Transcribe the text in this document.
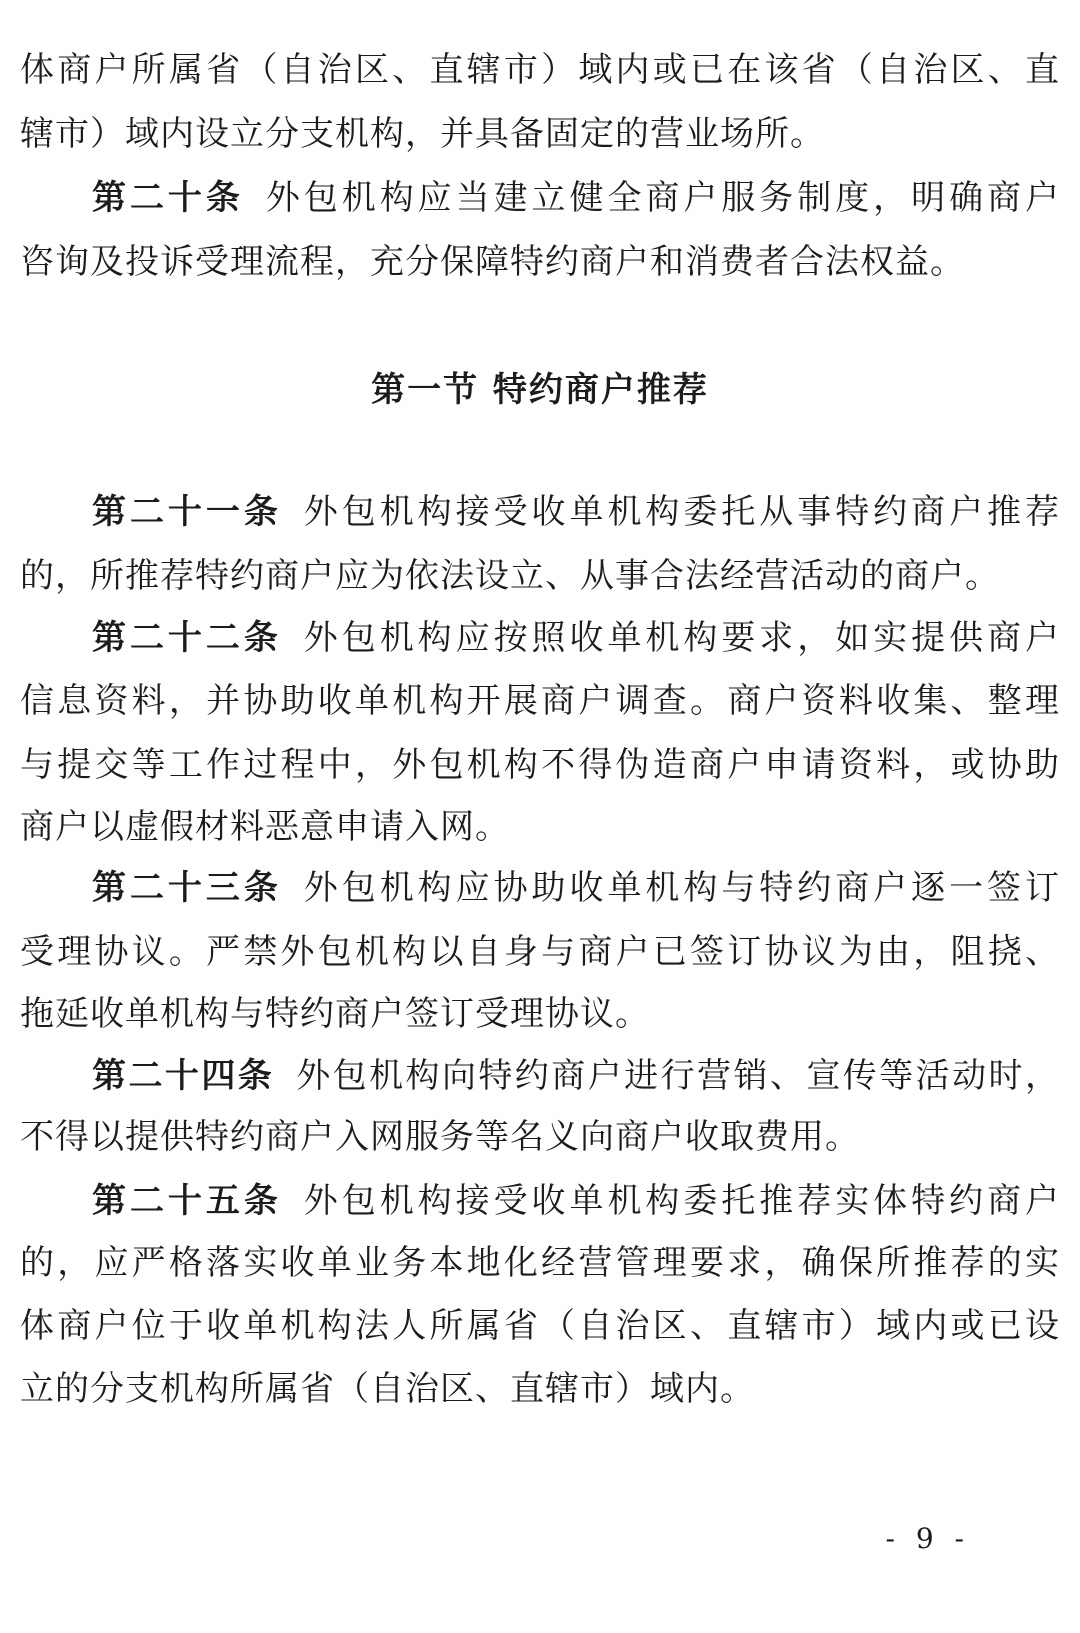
体商户所属省（自治区、直辖市）域内或已在该省（自治区、直
辖市）域内设立分支机构，并具备固定的营业场所。
第二十条 外包机构应当建立健全商户服务制度，明确商户
咨询及投诉受理流程，充分保障特约商户和消费者合法权益。
第一节 特约商户推荐
第二十一条 外包机构接受收单机构委托从事特约商户推荐
的，所推荐特约商户应为依法设立、从事合法经营活动的商户。
第二十二条 外包机构应按照收单机构要求，如实提供商户
信息资料，并协助收单机构开展商户调查。商户资料收集、整理
与提交等工作过程中，外包机构不得伪造商户申请资料，或协助
商户以虚假材料恶意申请入网。
第二十三条 外包机构应协助收单机构与特约商户逐一签订
受理协议。严禁外包机构以自身与商户已签订协议为由，阻挠、
拖延收单机构与特约商户签订受理协议。
第二十四条 外包机构向特约商户进行营销、宣传等活动时，
不得以提供特约商户入网服务等名义向商户收取费用。
第二十五条 外包机构接受收单机构委托推荐实体特约商户
的，应严格落实收单业务本地化经营管理要求，确保所推荐的实
体商户位于收单机构法人所属省（自治区、直辖市）域内或已设
立的分支机构所属省（自治区、直辖市）域内。
- 9 -
